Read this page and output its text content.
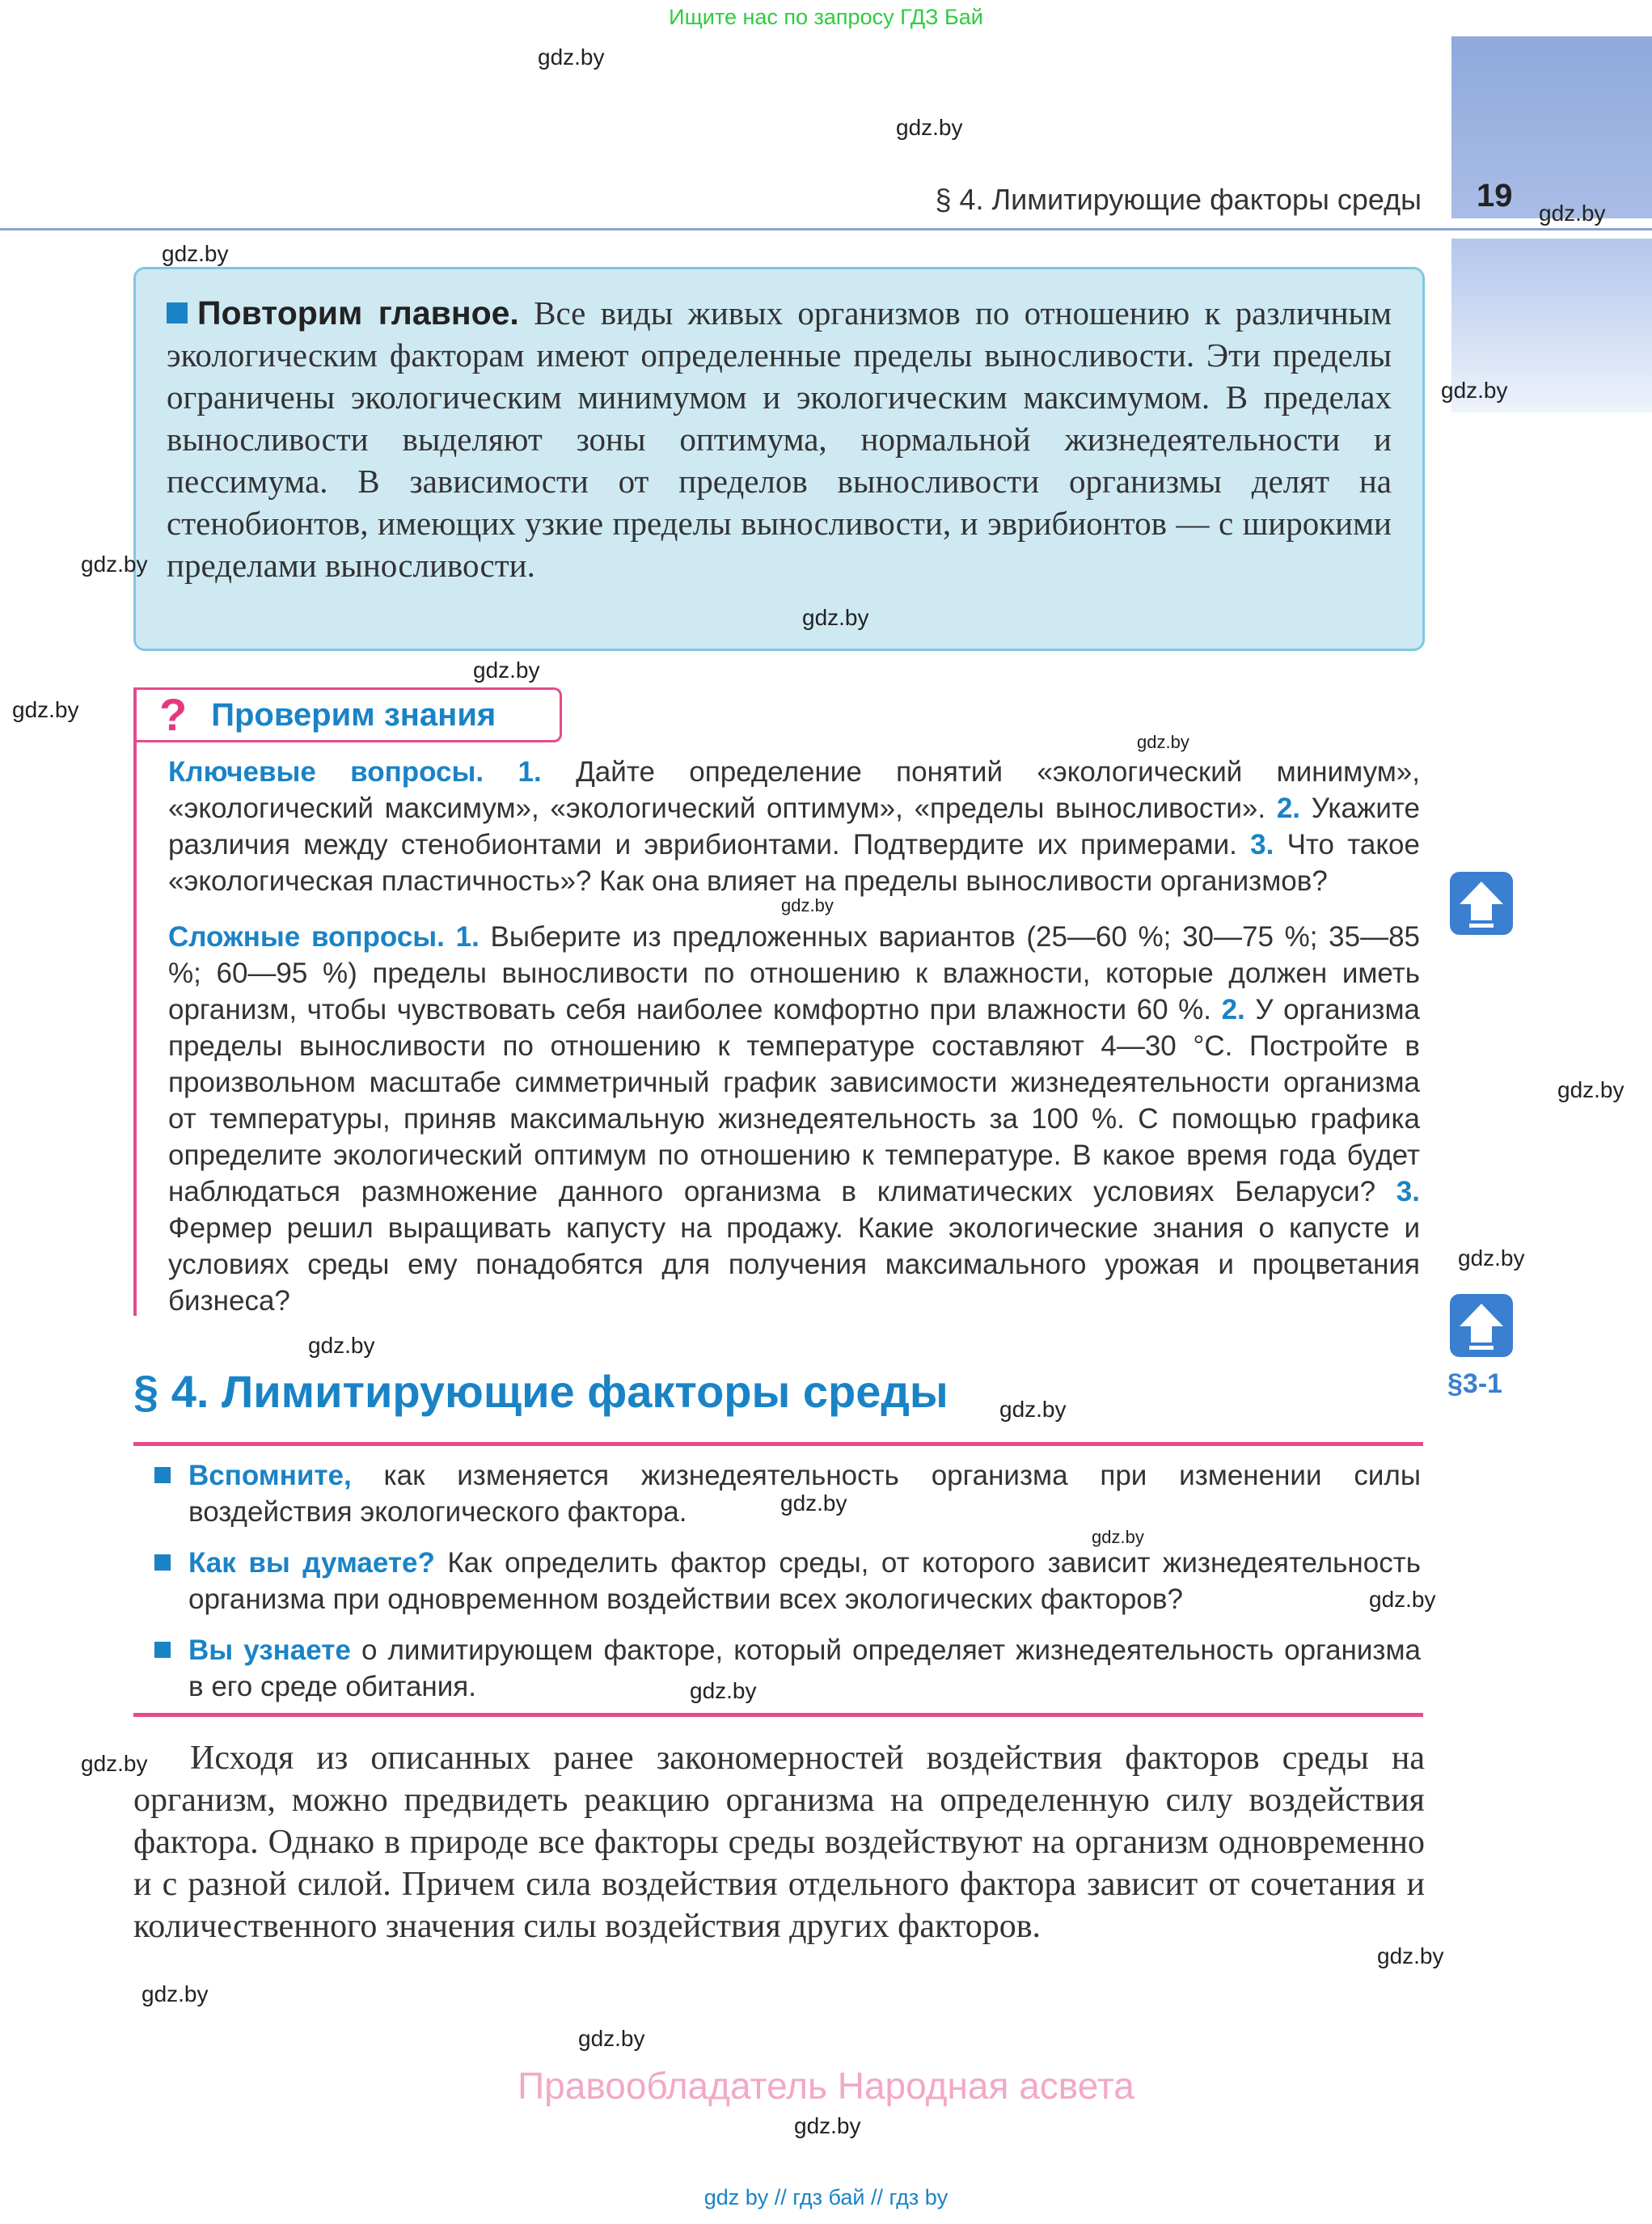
Ищите нас по запросу ГДЗ Бай
§ 4. Лимитирующие факторы среды 19

Повторим главное. Все виды живых организмов по отношению к различным экологическим факторам имеют определенные пределы выносливости. Эти пределы ограничены экологическим минимумом и экологическим максимумом. В пределах выносливости выделяют зоны оптимума, нормальной жизнедеятельности и пессимума. В зависимости от пределов выносливости организмы делят на стенобионтов, имеющих узкие пределы выносливости, и эврибионтов — с широкими пределами выносливости.

? Проверим знания

Ключевые вопросы. 1. Дайте определение понятий «экологический минимум», «экологический максимум», «экологический оптимум», «пределы выносливости». 2. Укажите различия между стенобионтами и эврибионтами. Подтвердите их примерами. 3. Что такое «экологическая пластичность»? Как она влияет на пределы выносливости организмов?

Сложные вопросы. 1. Выберите из предложенных вариантов (25—60 %; 30—75 %; 35—85 %; 60—95 %) пределы выносливости по отношению к влажности, которые должен иметь организм, чтобы чувствовать себя наиболее комфортно при влажности 60 %. 2. У организма пределы выносливости по отношению к температуре составляют 4—30 °С. Постройте в произвольном масштабе симметричный график зависимости жизнедеятельности организма от температуры, приняв максимальную жизнедеятельность за 100 %. С помощью графика определите экологический оптимум по отношению к температуре. В какое время года будет наблюдаться размножение данного организма в климатических условиях Беларуси? 3. Фермер решил выращивать капусту на продажу. Какие экологические знания о капусте и условиях среды ему понадобятся для получения максимального урожая и процветания бизнеса?

§3-1
§ 4. Лимитирующие факторы среды

Вспомните, как изменяется жизнедеятельность организма при изменении силы воздействия экологического фактора.

Как вы думаете? Как определить фактор среды, от которого зависит жизнедеятельность организма при одновременном воздействии всех экологических факторов?

Вы узнаете о лимитирующем факторе, который определяет жизнедеятельность организма в его среде обитания.

Исходя из описанных ранее закономерностей воздействия факторов среды на организм, можно предвидеть реакцию организма на определенную силу воздействия фактора. Однако в природе все факторы среды воздействуют на организм одновременно и с разной силой. Причем сила воздействия отдельного фактора зависит от сочетания и количественного значения силы воздействия других факторов.

gdz.by
gdz.by
gdz.by
gdz.by
gdz.by
gdz.by
gdz.by
gdz.by
gdz.by
gdz.by
gdz.by
gdz.by
gdz.by
gdz.by
gdz.by
gdz.by
gdz.by
gdz.by
gdz.by
gdz.by
gdz.by
gdz.by
gdz.by
gdz.by
Правообладатель Народная асвета
gdz by // гдз бай // гдз by
